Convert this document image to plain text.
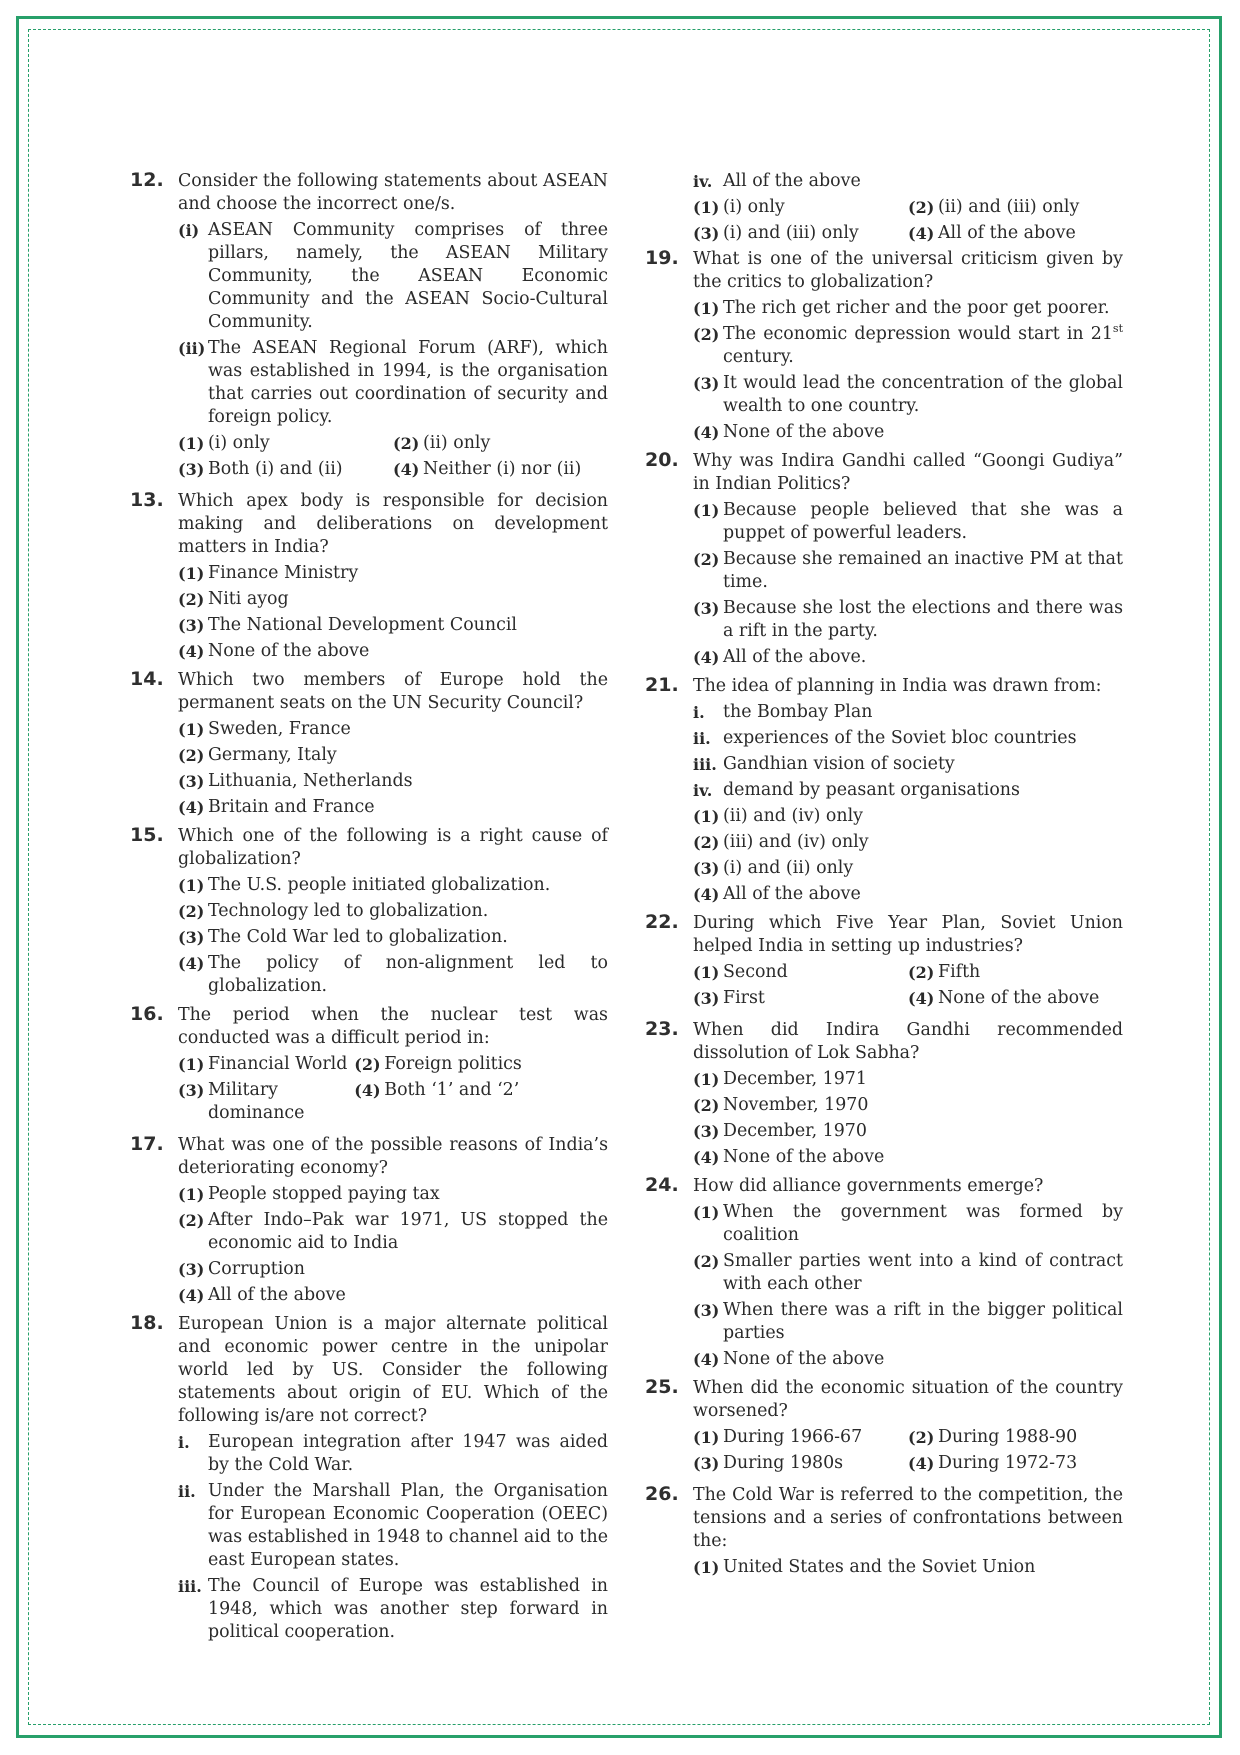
12. Consider the following statements about ASEAN and choose the incorrect one/s.
(i) ASEAN Community comprises of three pillars, namely, the ASEAN Military Community, the ASEAN Economic Community and the ASEAN Socio-Cultural Community.
(ii) The ASEAN Regional Forum (ARF), which was established in 1994, is the organisation that carries out coordination of security and foreign policy.
(1) (i) only	(2) (ii) only
(3) Both (i) and (ii)	(4) Neither (i) nor (ii)
13. Which apex body is responsible for decision making and deliberations on development matters in India?
(1) Finance Ministry
(2) Niti ayog
(3) The National Development Council
(4) None of the above
14. Which two members of Europe hold the permanent seats on the UN Security Council?
(1) Sweden, France
(2) Germany, Italy
(3) Lithuania, Netherlands
(4) Britain and France
15. Which one of the following is a right cause of globalization?
(1) The U.S. people initiated globalization.
(2) Technology led to globalization.
(3) The Cold War led to globalization.
(4) The policy of non-alignment led to globalization.
16. The period when the nuclear test was conducted was a difficult period in:
(1) Financial World (2) Foreign politics
(3) Military dominance
(4) Both ‘1’ and ‘2’
17. What was one of the possible reasons of India’s deteriorating economy?
(1) People stopped paying tax
(2) After Indo–Pak war 1971, US stopped the economic aid to India
(3) Corruption
(4) All of the above
18. European Union is a major alternate political and economic power centre in the unipolar world led by US. Consider the following statements about origin of EU. Which of the following is/are not correct?
i. European integration after 1947 was aided by the Cold War.
ii. Under the Marshall Plan, the Organisation for European Economic Cooperation (OEEC) was established in 1948 to channel aid to the east European states.
iii. The Council of Europe was established in 1948, which was another step forward in political cooperation.
iv. All of the above
(1) (i) only	(2) (ii) and (iii) only
(3) (i) and (iii) only	(4) All of the above
19. What is one of the universal criticism given by the critics to globalization?
(1) The rich get richer and the poor get poorer.
(2) The economic depression would start in 21st century.
(3) It would lead the concentration of the global wealth to one country.
(4) None of the above
20. Why was Indira Gandhi called “Goongi Gudiya” in Indian Politics?
(1) Because people believed that she was a puppet of powerful leaders.
(2) Because she remained an inactive PM at that time.
(3) Because she lost the elections and there was a rift in the party.
(4) All of the above.
21. The idea of planning in India was drawn from:
i. the Bombay Plan
ii. experiences of the Soviet bloc countries
iii. Gandhian vision of society
iv. demand by peasant organisations
(1) (ii) and (iv) only
(2) (iii) and (iv) only
(3) (i) and (ii) only
(4) All of the above
22. During which Five Year Plan, Soviet Union helped India in setting up industries?
(1) Second	(2) Fifth
(3) First	(4) None of the above
23. When did Indira Gandhi recommended dissolution of Lok Sabha?
(1) December, 1971
(2) November, 1970
(3) December, 1970
(4) None of the above
24. How did alliance governments emerge?
(1) When the government was formed by coalition
(2) Smaller parties went into a kind of contract with each other
(3) When there was a rift in the bigger political parties
(4) None of the above
25. When did the economic situation of the country worsened?
(1) During 1966-67	(2) During 1988-90
(3) During 1980s	(4) During 1972-73
26. The Cold War is referred to the competition, the tensions and a series of confrontations between the:
(1) United States and the Soviet Union
